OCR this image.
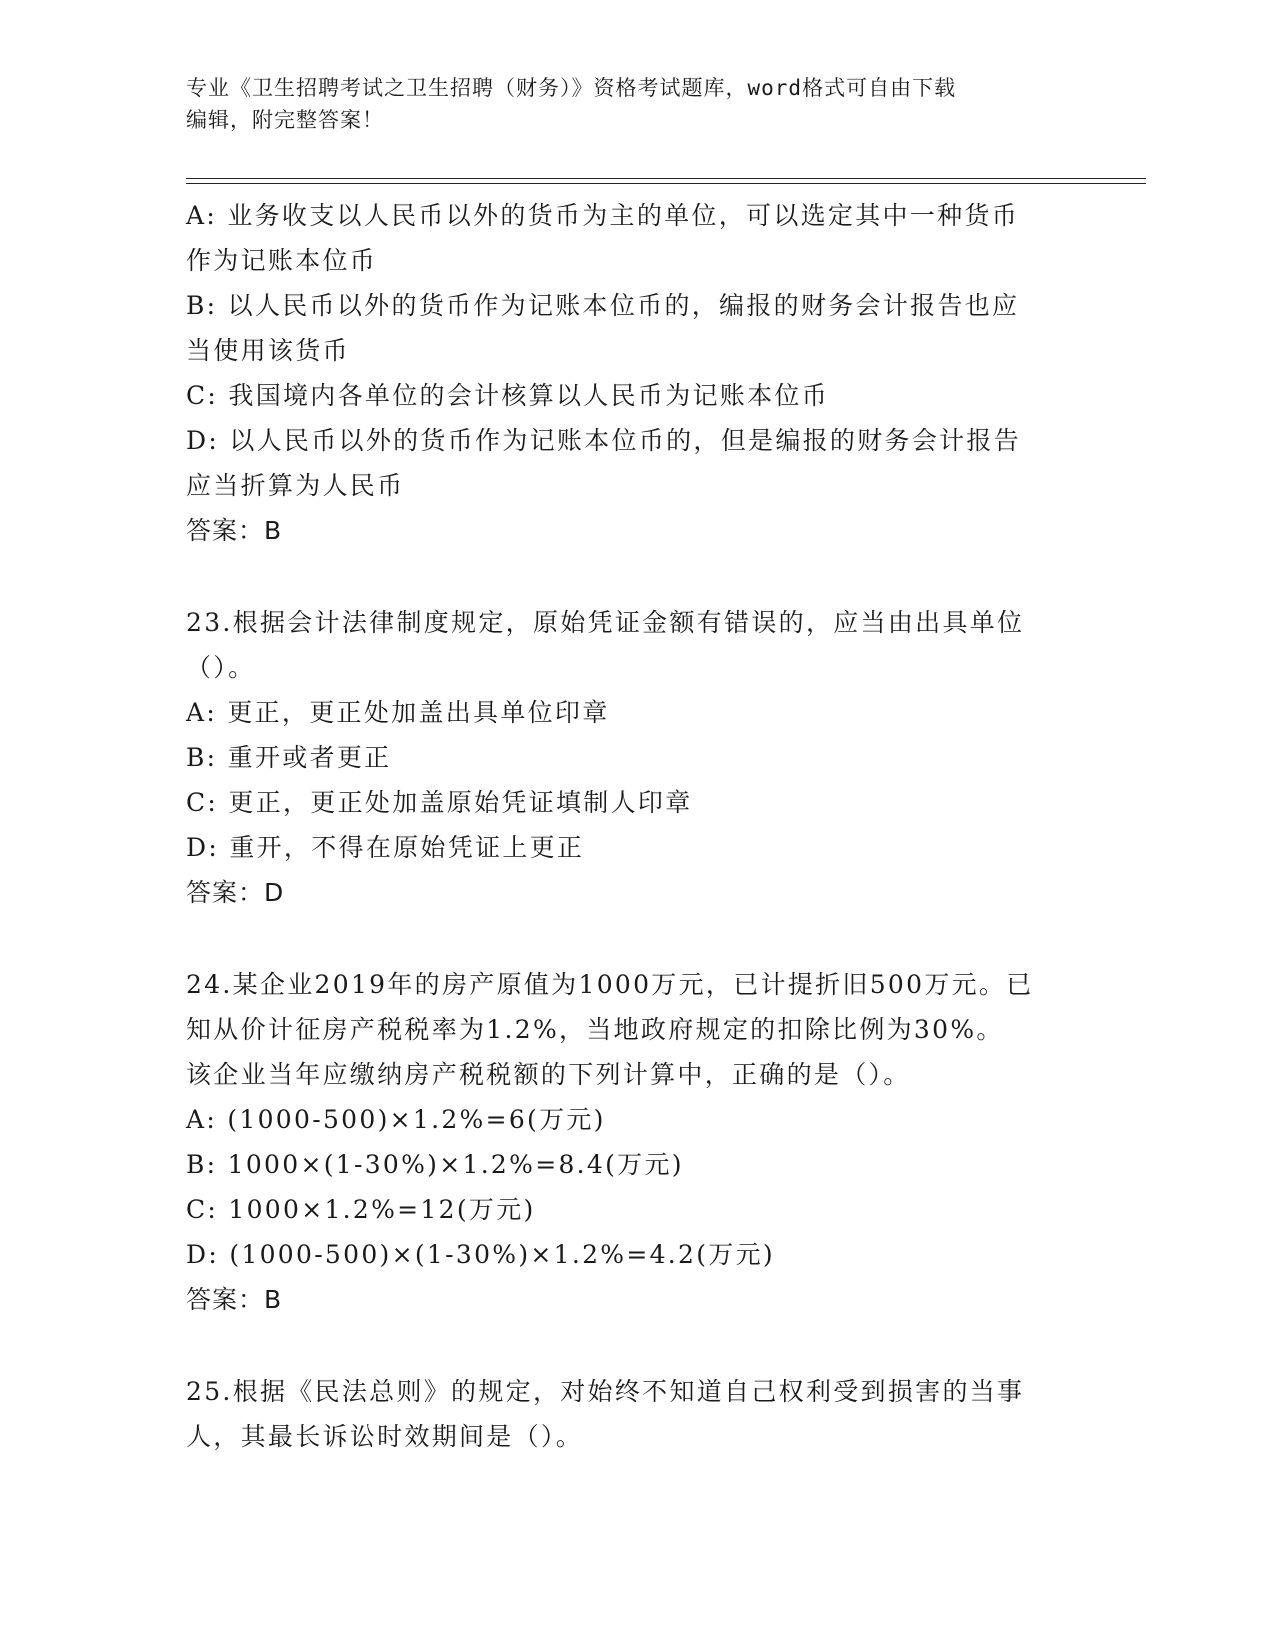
专业《卫生招聘考试之卫生招聘（财务）》资格考试题库，word格式可自由下载
编辑，附完整答案！
A: 业务收支以人民币以外的货币为主的单位，可以选定其中一种货币
作为记账本位币
B: 以人民币以外的货币作为记账本位币的，编报的财务会计报告也应
当使用该货币
C: 我国境内各单位的会计核算以人民币为记账本位币
D: 以人民币以外的货币作为记账本位币的，但是编报的财务会计报告
应当折算为人民币
答案：B
23.根据会计法律制度规定，原始凭证金额有错误的，应当由出具单位
（）。
A: 更正，更正处加盖出具单位印章
B: 重开或者更正
C: 更正，更正处加盖原始凭证填制人印章
D: 重开，不得在原始凭证上更正
答案：D
24.某企业2019年的房产原值为1000万元，已计提折旧500万元。已
知从价计征房产税税率为1.2%，当地政府规定的扣除比例为30%。
该企业当年应缴纳房产税税额的下列计算中，正确的是（）。
A: (1000-500)×1.2%=6(万元)
B: 1000×(1-30%)×1.2%=8.4(万元)
C: 1000×1.2%=12(万元)
D: (1000-500)×(1-30%)×1.2%=4.2(万元)
答案：B
25.根据《民法总则》的规定，对始终不知道自己权利受到损害的当事
人，其最长诉讼时效期间是（）。
